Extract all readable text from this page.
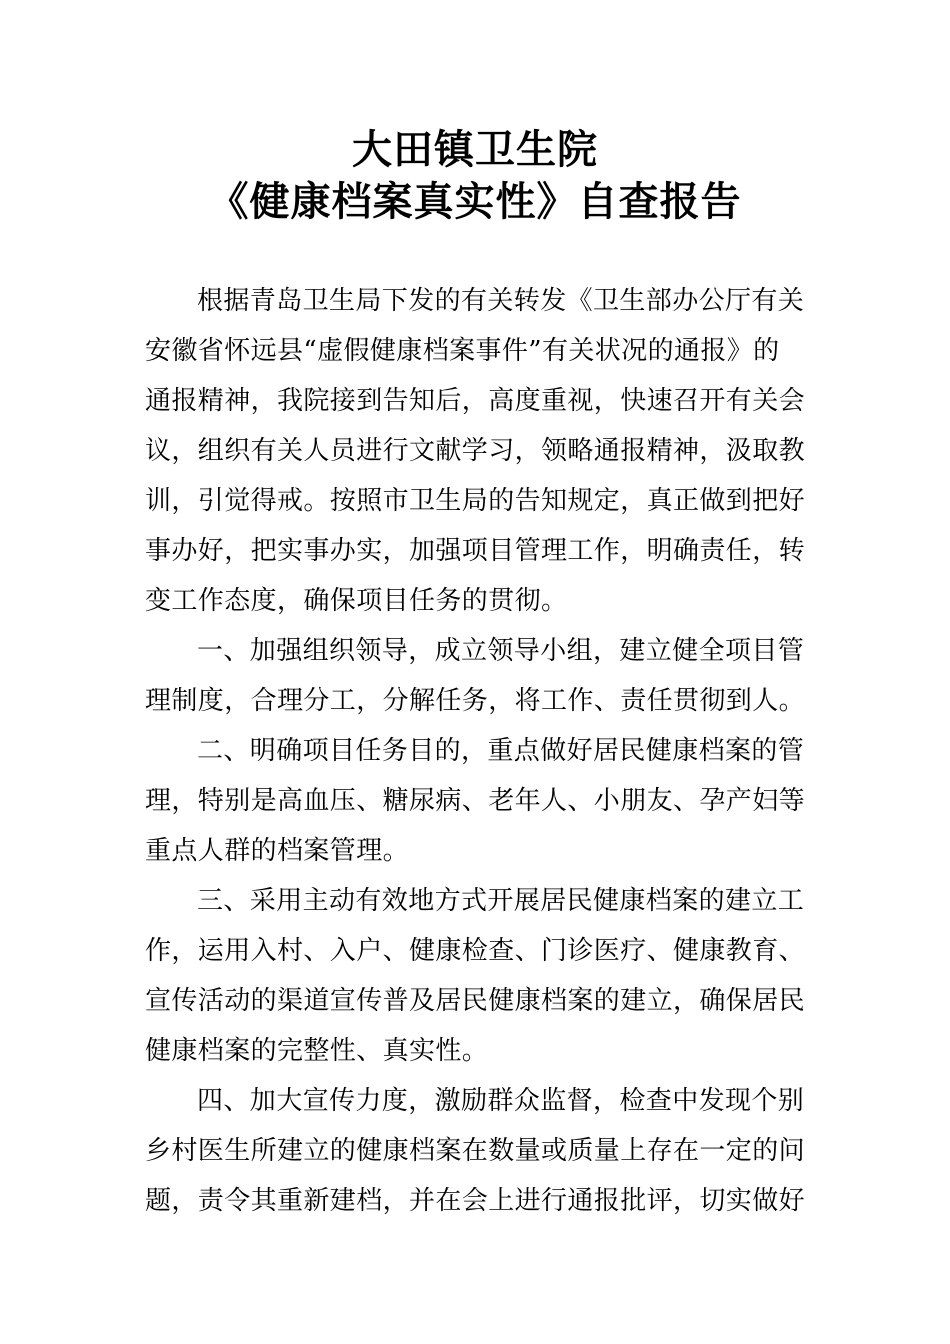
大田镇卫生院
《健康档案真实性》自查报告
根据青岛卫生局下发的有关转发《卫生部办公厅有关
安徽省怀远县“虚假健康档案事件”有关状况的通报》的
通报精神，我院接到告知后，高度重视，快速召开有关会
议，组织有关人员进行文献学习，领略通报精神，汲取教
训，引觉得戒。按照市卫生局的告知规定，真正做到把好
事办好，把实事办实，加强项目管理工作，明确责任，转
变工作态度，确保项目任务的贯彻。
一、加强组织领导，成立领导小组，建立健全项目管
理制度，合理分工，分解任务，将工作、责任贯彻到人。
二、明确项目任务目的，重点做好居民健康档案的管
理，特别是高血压、糖尿病、老年人、小朋友、孕产妇等
重点人群的档案管理。
三、采用主动有效地方式开展居民健康档案的建立工
作，运用入村、入户、健康检查、门诊医疗、健康教育、
宣传活动的渠道宣传普及居民健康档案的建立，确保居民
健康档案的完整性、真实性。
四、加大宣传力度，激励群众监督，检查中发现个别
乡村医生所建立的健康档案在数量或质量上存在一定的问
题，责令其重新建档，并在会上进行通报批评，切实做好
